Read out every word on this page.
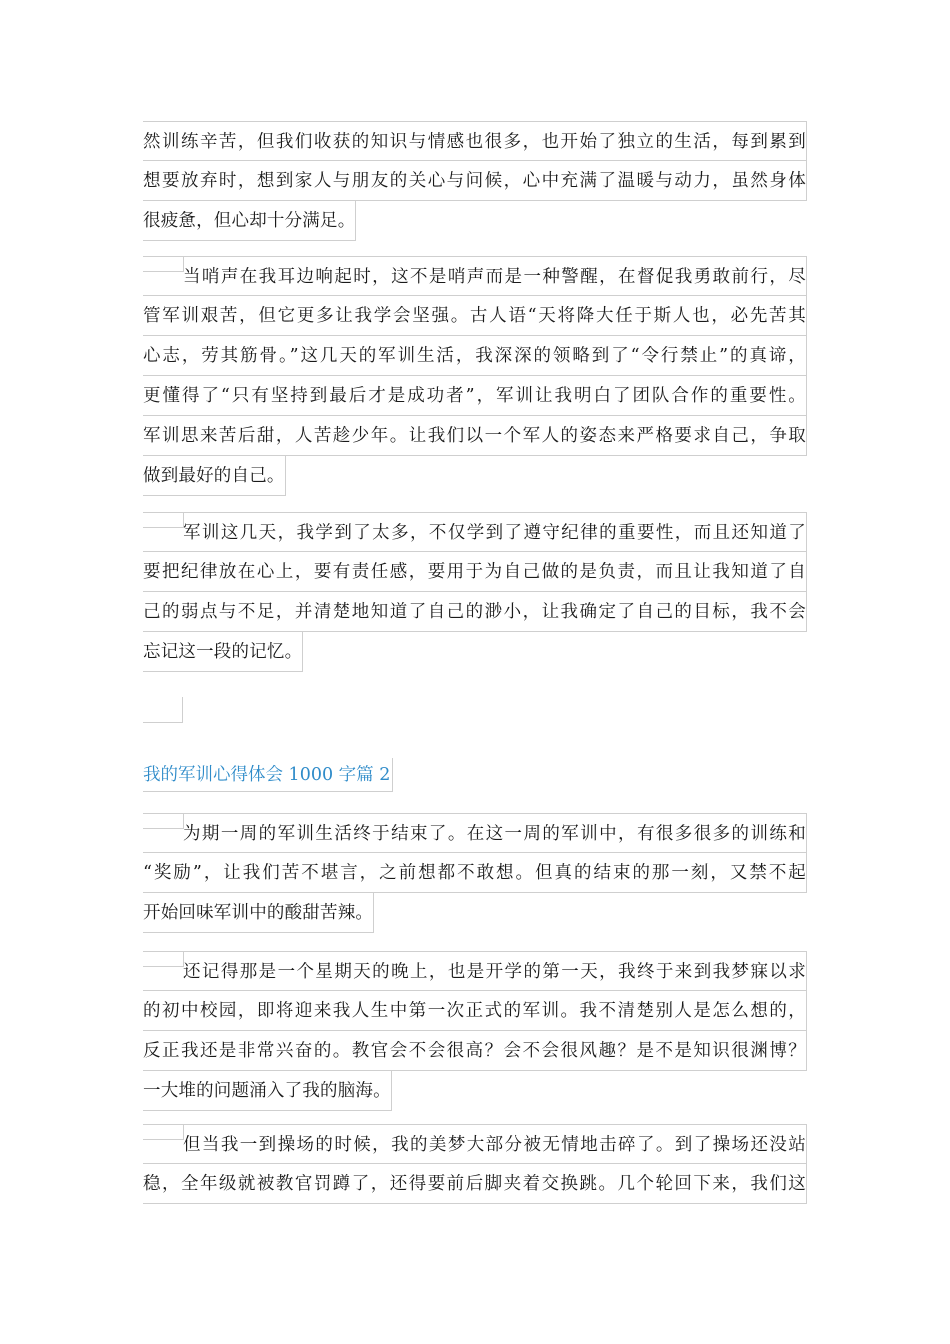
然训练辛苦，但我们收获的知识与情感也很多，也开始了独立的生活，每到累到
想要放弃时，想到家人与朋友的关心与问候，心中充满了温暖与动力，虽然身体
很疲惫，但心却十分满足。
当哨声在我耳边响起时，这不是哨声而是一种警醒，在督促我勇敢前行，尽
管军训艰苦，但它更多让我学会坚强。古人语“天将降大任于斯人也，必先苦其
心志，劳其筋骨。”这几天的军训生活，我深深的领略到了“令行禁止”的真谛，
更懂得了“只有坚持到最后才是成功者”，军训让我明白了团队合作的重要性。
军训思来苦后甜，人苦趁少年。让我们以一个军人的姿态来严格要求自己，争取
做到最好的自己。
军训这几天，我学到了太多，不仅学到了遵守纪律的重要性，而且还知道了
要把纪律放在心上，要有责任感，要用于为自己做的是负责，而且让我知道了自
己的弱点与不足，并清楚地知道了自己的渺小，让我确定了自己的目标，我不会
忘记这一段的记忆。
我的军训心得体会 1000 字篇 2
为期一周的军训生活终于结束了。在这一周的军训中，有很多很多的训练和
“奖励”，让我们苦不堪言，之前想都不敢想。但真的结束的那一刻，又禁不起
开始回味军训中的酸甜苦辣。
还记得那是一个星期天的晚上，也是开学的第一天，我终于来到我梦寐以求
的初中校园，即将迎来我人生中第一次正式的军训。我不清楚别人是怎么想的，
反正我还是非常兴奋的。教官会不会很高？会不会很风趣？是不是知识很渊博？
一大堆的问题涌入了我的脑海。
但当我一到操场的时候，我的美梦大部分被无情地击碎了。到了操场还没站
稳，全年级就被教官罚蹲了，还得要前后脚夹着交换跳。几个轮回下来，我们这
